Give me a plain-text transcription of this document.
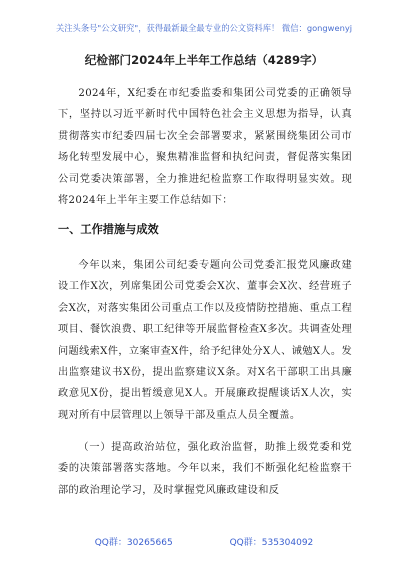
关注头条号"公文研究"，获得最新最全最专业的公文资料库！ 微信：gongwenyj
纪检部门2024年上半年工作总结（4289字）

2024年，X纪委在市纪委监委和集团公司党委的正确领导下，坚持以习近平新时代中国特色社会主义思想为指导，认真贯彻落实市纪委四届七次全会部署要求，紧紧围绕集团公司市场化转型发展中心，聚焦精准监督和执纪问责，督促落实集团公司党委决策部署，全力推进纪检监察工作取得明显实效。现将2024年上半年主要工作总结如下：

一、工作措施与成效

今年以来，集团公司纪委专题向公司党委汇报党风廉政建设工作X次，列席集团公司党委会X次、董事会X次、经营班子会X次，对落实集团公司重点工作以及疫情防控措施、重点工程项目、餐饮浪费、职工纪律等开展监督检查X多次。共调查处理问题线索X件，立案审查X件，给予纪律处分X人、诫勉X人。发出监察建议书X份，提出监察建议X条。对X名干部职工出具廉政意见X份，提出暂缓意见X人。开展廉政提醒谈话X人次，实现对所有中层管理以上领导干部及重点人员全覆盖。

（一）提高政治站位，强化政治监督，助推上级党委和党委的决策部署落实落地。今年以来，我们不断强化纪检监察干部的政治理论学习，及时掌握党风廉政建设和反

QQ群：30265665	QQ群：535304092
